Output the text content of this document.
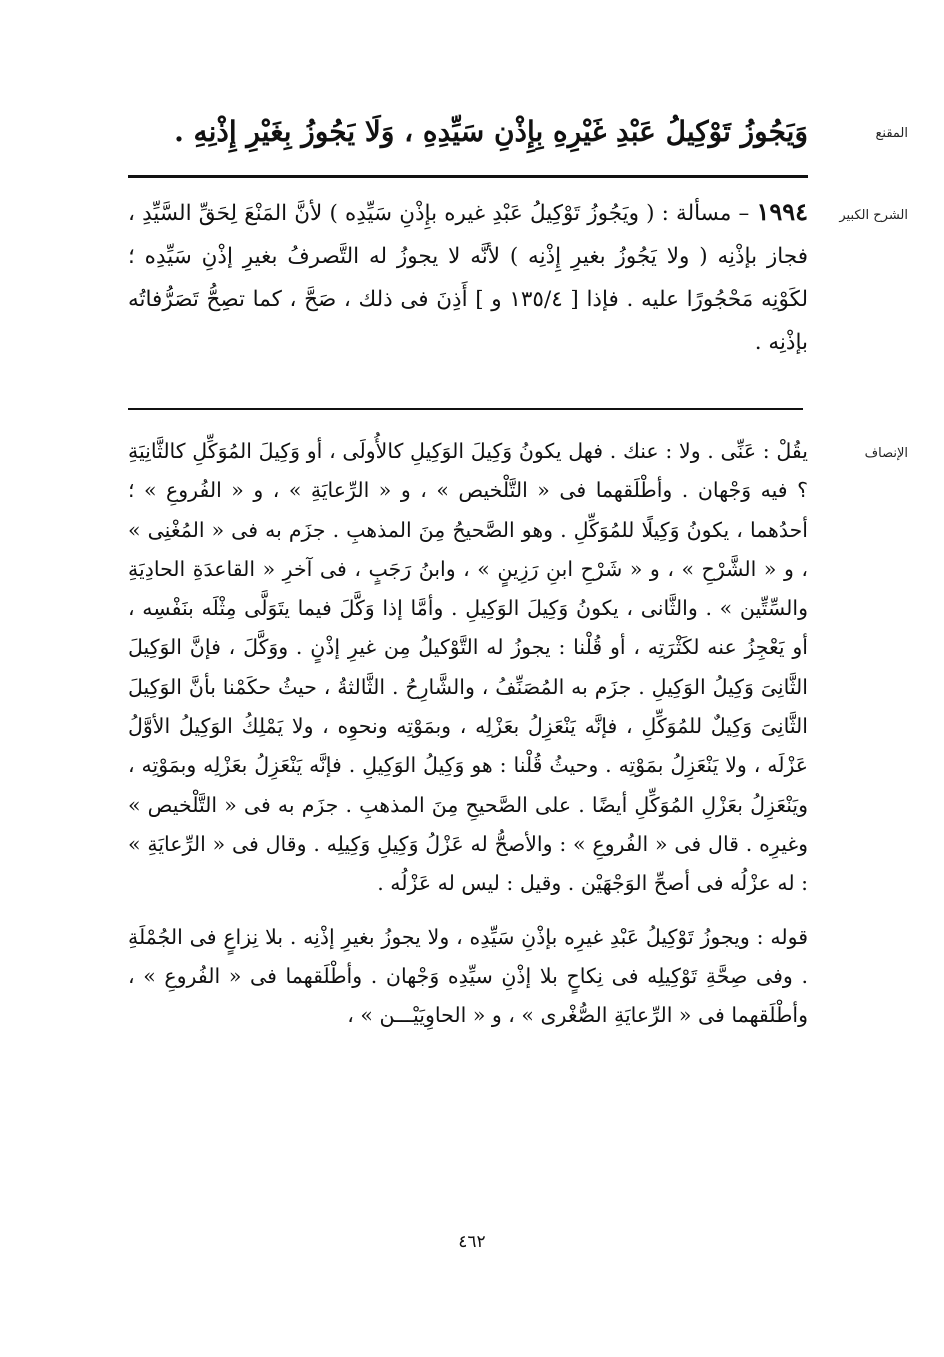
المقنع
وَيَجُوزُ تَوْكِيلُ عَبْدِ غَيْرِهِ بِإِذْنِ سَيِّدِهِ ، وَلَا يَجُوزُ بِغَيْرِ إِذْنِهِ .
الشرح الكبير
١٩٩٤ – مسألة : ( ويَجُوزُ تَوْكِيلُ عَبْدِ غيره بإِذْنِ سَيِّدِه ) لأنَّ المَنْعَ لِحَقِّ السَّيِّدِ ، فجاز بإذْنِه ( ولا يَجُوزُ بغيرِ إِذْنِه ) لأنَّه لا يجوزُ له التَّصرفُ بغيرِ إذْنِ سَيِّدِه ؛ لكَوْنِه مَحْجُورًا عليه . فإذا [ ١٣٥/٤ و ] أَذِنَ فى ذلك ، صَحَّ ، كما تصِحُّ تَصَرُّفاتُه بإذْنِه .
الإنصاف

يقُلْ : عَنِّى . ولا : عنك . فهل يكونُ وَكِيلَ الوَكِيلِ كالأُولَى ، أو وَكِيلَ المُوَكِّلِ كالثَّانِيَةِ ؟ فيه وَجْهان . وأطْلَقهما فى « التَّلْخيص » ، و « الرِّعايَةِ » ، و « الفُروعِ » ؛ أحدُهما ، يكونُ وَكِيلًا للمُوَكِّلِ . وهو الصَّحيحُ مِنَ المذهبِ . جزَم به فى « المُغْنِى » ، و « الشَّرْحِ » ، و « شَرْحِ ابنِ رَزِينٍ » ، وابنُ رَجَبٍ ، فى آخرِ « القاعدَةِ الحادِيَةِ والسِّتِّين » . والثَّانى ، يكونُ وَكِيلَ الوَكِيلِ . وأمَّا إذا وَكَّلَ فيما يتَوَلَّى مِثْلَه بنَفْسِه ، أو يَعْجِزُ عنه لكَثْرَتِه ، أو قُلْنا : يجوزُ له التَّوْكيلُ مِن غيرِ إذْنٍ . ووَكَّلَ ، فإنَّ الوَكِيلَ الثَّانِىَ وَكِيلُ الوَكِيلِ . جزَم به المُصَنِّفُ ، والشَّارِحُ . الثَّالثةُ ، حيثُ حكَمْنا بأنَّ الوَكِيلَ الثَّانِىَ وَكِيلٌ للمُوَكِّلِ ، فإنَّه يَنْعَزِلُ بعَزْلِه ، وبمَوْتِه ونحوِه ، ولا يَمْلِكُ الوَكِيلُ الأوَّلُ عَزْلَه ، ولا يَنْعَزِلُ بمَوْتِه . وحيثُ قُلْنا : هو وَكِيلُ الوَكِيلِ . فإنَّه يَنْعَزِلُ بعَزْلِه وبمَوْتِه ، ويَنْعَزِلُ بعَزْلِ المُوَكِّلِ أيضًا . على الصَّحيحِ مِنَ المذهبِ . جزَم به فى « التَّلْخيص » وغيرِه . قال فى « الفُروعِ » : والأصحُّ له عَزْلُ وَكِيلِ وَكِيلِه . وقال فى « الرِّعايَةِ » : له عزْلُه فى أصحِّ الوَجْهَيْن . وقيل : ليس له عَزْلُه .

قوله : ويجوزُ تَوْكِيلُ عَبْدِ غيرِه بإذْنِ سَيِّدِه ، ولا يجوزُ بغيرِ إذْنِه . بلا نِزاعٍ فى الجُمْلَةِ . وفى صِحَّةِ تَوْكِيلِه فى نِكاحٍ بلا إذْنِ سيِّدِه وَجْهان . وأطْلَقهما فى « الفُروعِ » ، وأطْلَقهما فى « الرِّعايَةِ الصُّغْرى » ، و « الحاوِيَيْـــن » ،

٤٦٢
